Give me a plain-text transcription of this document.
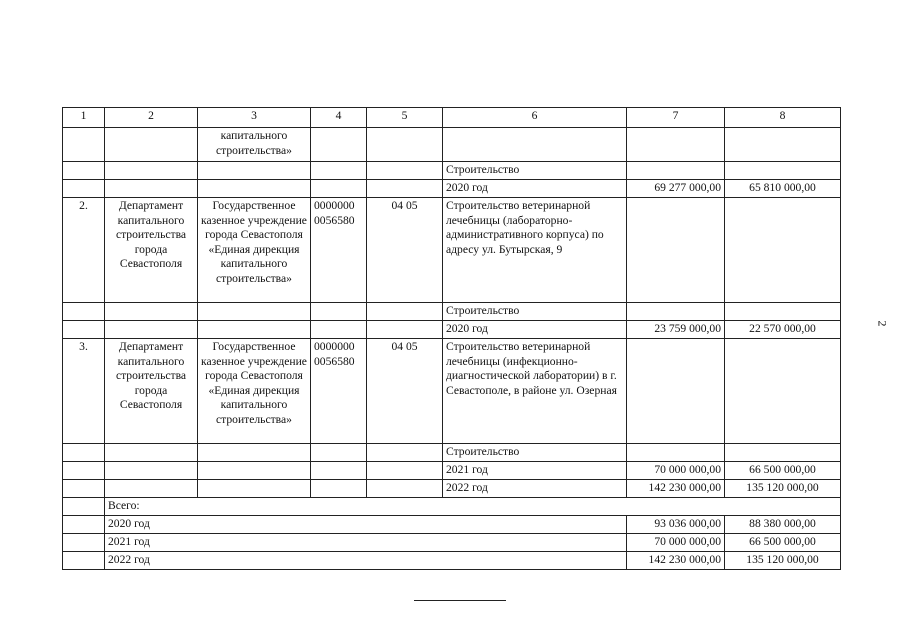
1	2	3	4	5	6	7	8
		капитального строительства»					
					Строительство		
					2020 год	69 277 000,00	65 810 000,00
2.	Департамент капитального строительства города Севастополя	Государственное казенное учреждение города Севастополя «Единая дирекция капитального строительства»	0000000 0056580	04 05	Строительство ветеринарной лечебницы (лабораторно-административного корпуса) по адресу ул. Бутырская, 9		
					Строительство		
					2020 год	23 759 000,00	22 570 000,00
3.	Департамент капитального строительства города Севастополя	Государственное казенное учреждение города Севастополя «Единая дирекция капитального строительства»	0000000 0056580	04 05	Строительство ветеринарной лечебницы (инфекционно-диагностической лаборатории) в г. Севастополе, в районе ул. Озерная		
					Строительство		
					2021 год	70 000 000,00	66 500 000,00
					2022 год	142 230 000,00	135 120 000,00
	Всего:						
	2020 год					93 036 000,00	88 380 000,00
	2021 год					70 000 000,00	66 500 000,00
	2022 год					142 230 000,00	135 120 000,00
2
